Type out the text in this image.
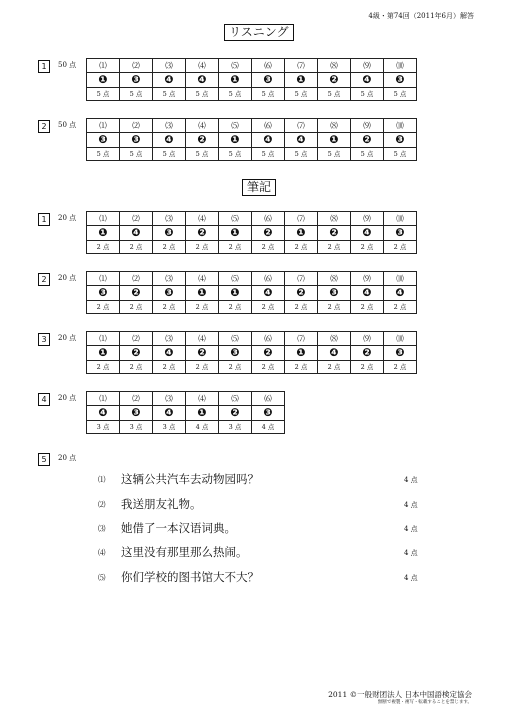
4級・第74回（2011年6月）解答
リスニング
1	50 点	⑴	⑵	⑶	⑷	⑸	⑹	⑺	⑻	⑼	⑽
❶	❸	❹	❹	❶	❸	❶	❷	❹	❸
5 点	5 点	5 点	5 点	5 点	5 点	5 点	5 点	5 点	5 点
2	50 点	⑴	⑵	⑶	⑷	⑸	⑹	⑺	⑻	⑼	⑽
❸	❸	❹	❷	❶	❹	❹	❶	❷	❸
5 点	5 点	5 点	5 点	5 点	5 点	5 点	5 点	5 点	5 点
筆記
1	20 点	⑴	⑵	⑶	⑷	⑸	⑹	⑺	⑻	⑼	⑽
❶	❹	❸	❷	❶	❷	❶	❷	❹	❸
2 点	2 点	2 点	2 点	2 点	2 点	2 点	2 点	2 点	2 点
2	20 点	⑴	⑵	⑶	⑷	⑸	⑹	⑺	⑻	⑼	⑽
❸	❷	❸	❶	❶	❹	❷	❸	❹	❹
2 点	2 点	2 点	2 点	2 点	2 点	2 点	2 点	2 点	2 点
3	20 点	⑴	⑵	⑶	⑷	⑸	⑹	⑺	⑻	⑼	⑽
❶	❷	❹	❷	❸	❷	❶	❹	❷	❸
2 点	2 点	2 点	2 点	2 点	2 点	2 点	2 点	2 点	2 点
4	20 点	⑴	⑵	⑶	⑷	⑸	⑹
❹	❸	❹	❶	❷	❸
3 点	3 点	3 点	4 点	3 点	4 点
5	20 点
⑴ 这辆公共汽车去动物园吗？	4 点
⑵ 我送朋友礼物。	4 点
⑶ 她借了一本汉语词典。	4 点
⑷ 这里没有那里那么热闹。	4 点
⑸ 你们学校的图书馆大不大？	4 点
2011 ©一般财团法人 日本中国語検定協会
無断で複製・複写・転載することを禁じます。
